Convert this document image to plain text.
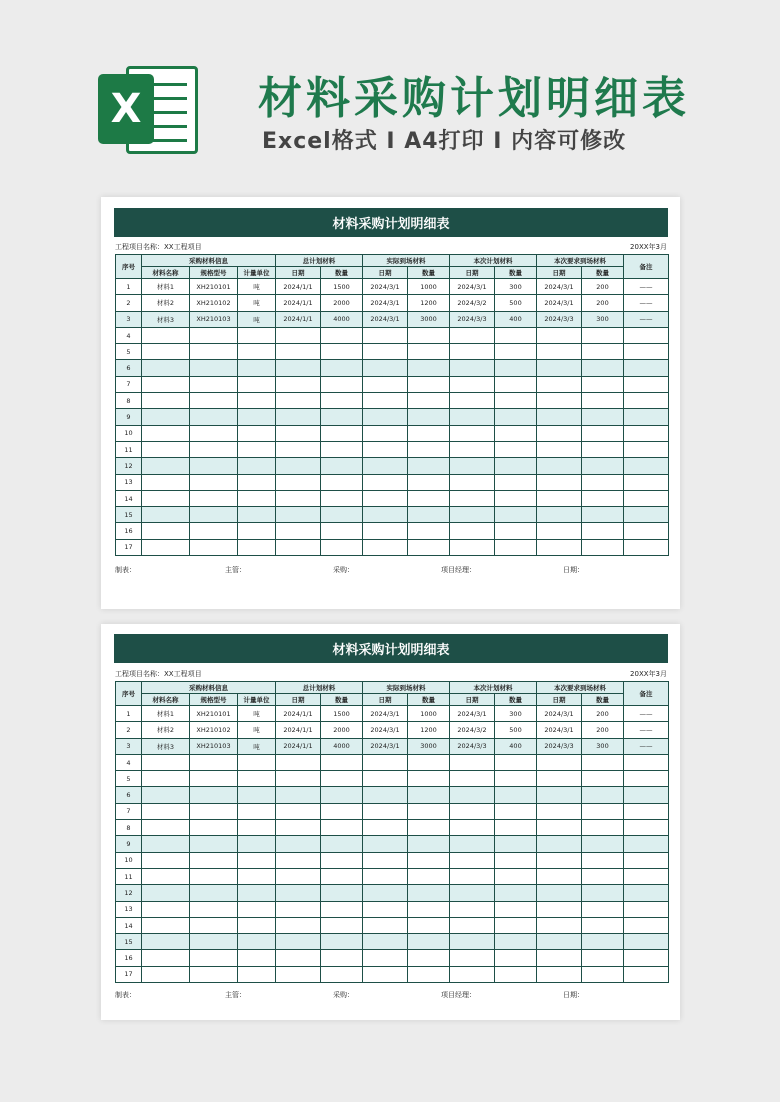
X	材料采购计划明细表
Excel格式 I A4打印 I 内容可修改
材料采购计划明细表
工程项目名称：XX工程项目	20XX年3月
序号	采购材料信息			总计划材料		实际到场材料		本次计划材料		本次要求到场材料		备注
	材料名称	规格型号	计量单位	日期	数量	日期	数量	日期	数量	日期	数量	
1	材料1	XH210101	吨	2024/1/1	1500	2024/3/1	1000	2024/3/1	300	2024/3/1	200	——
2	材料2	XH210102	吨	2024/1/1	2000	2024/3/1	1200	2024/3/2	500	2024/3/1	200	——
3	材料3	XH210103	吨	2024/1/1	4000	2024/3/1	3000	2024/3/3	400	2024/3/3	300	——
4												
5												
6												
7												
8												
9												
10												
11												
12												
13												
14												
15												
16												
17												
制表：	主管：	采购：	项目经理：	日期：
材料采购计划明细表
工程项目名称：XX工程项目	20XX年3月
序号	采购材料信息			总计划材料		实际到场材料		本次计划材料		本次要求到场材料		备注
	材料名称	规格型号	计量单位	日期	数量	日期	数量	日期	数量	日期	数量	
1	材料1	XH210101	吨	2024/1/1	1500	2024/3/1	1000	2024/3/1	300	2024/3/1	200	——
2	材料2	XH210102	吨	2024/1/1	2000	2024/3/1	1200	2024/3/2	500	2024/3/1	200	——
3	材料3	XH210103	吨	2024/1/1	4000	2024/3/1	3000	2024/3/3	400	2024/3/3	300	——
4												
5												
6												
7												
8												
9												
10												
11												
12												
13												
14												
15												
16												
17												
制表：	主管：	采购：	项目经理：	日期：
